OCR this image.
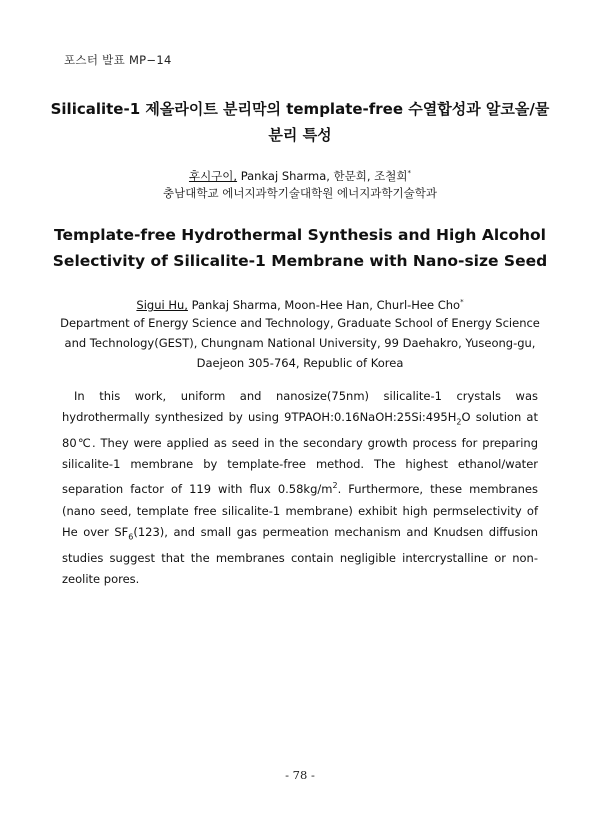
포스터 발표 MP−14
Silicalite-1 제올라이트 분리막의 template-free 수열합성과 알코올/물 분리 특성
후시구이, Pankaj Sharma, 한문희, 조철희*
충남대학교 에너지과학기술대학원 에너지과학기술학과
Template-free Hydrothermal Synthesis and High Alcohol Selectivity of Silicalite-1 Membrane with Nano-size Seed
Sigui Hu, Pankaj Sharma, Moon-Hee Han, Churl-Hee Cho*
Department of Energy Science and Technology, Graduate School of Energy Science and Technology(GEST), Chungnam National University, 99 Daehakro, Yuseong-gu, Daejeon 305-764, Republic of Korea
In this work, uniform and nanosize(75nm) silicalite-1 crystals was hydrothermally synthesized by using $9TPAOH:0.16NaOH:25Si:495H_2O$ solution at 80℃. They were applied as seed in the secondary growth process for preparing silicalite-1 membrane by template-free method. The highest ethanol/water separation factor of 119 with flux $0.58kg/m^2$. Furthermore, these membranes (nano seed, template free silicalite-1 membrane) exhibit high permselectivity of He over $SF_6(123)$, and small gas permeation mechanism and Knudsen diffusion studies suggest that the membranes contain negligible intercrystalline or non-zeolite pores.
- 78 -
